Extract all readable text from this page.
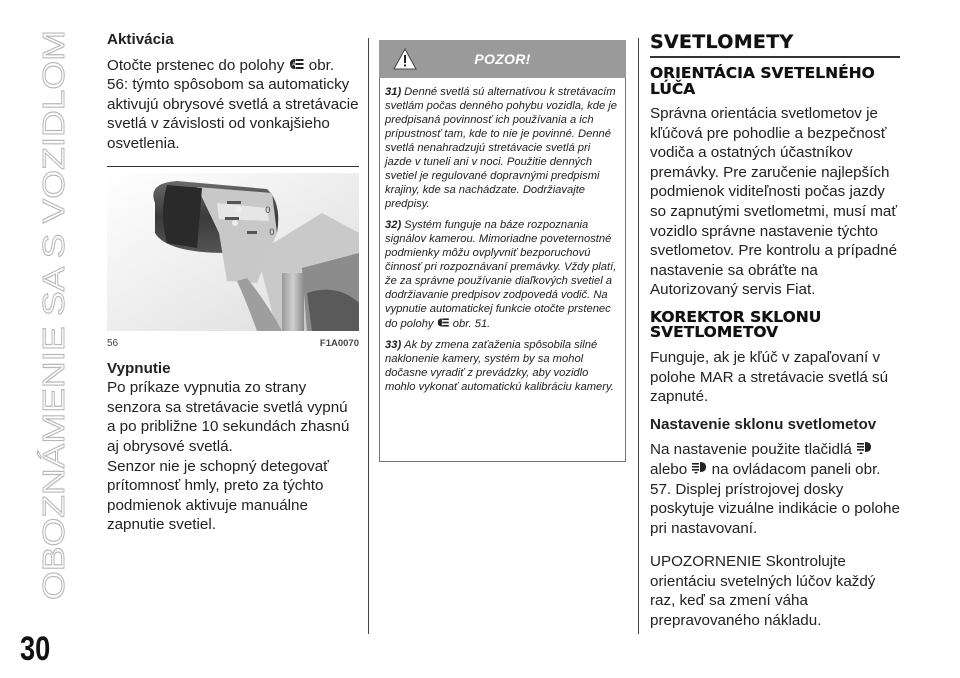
OBOZNÁMENIE SA S VOZIDLOM
30
Aktivácia

Otočte prstenec do polohy A obr. 56: týmto spôsobom sa automaticky aktivujú obrysové svetlá a stretávacie svetlá v závislosti od vonkajšieho osvetlenia.

0
0
56	F1A0070
Vypnutie

Po príkaze vypnutia zo strany senzora sa stretávacie svetlá vypnú a po približne 10 sekundách zhasnú aj obrysové svetlá.

Senzor nie je schopný detegovať prítomnosť hmly, preto za týchto podmienok aktivuje manuálne zapnutie svetiel.

POZOR!

31) Denné svetlá sú alternatívou k stretávacím svetlám počas denného pohybu vozidla, kde je predpisaná povinnosť ich používania a ich prípustnosť tam, kde to nie je povinné. Denné svetlá nenahradzujú stretávacie svetlá pri jazde v tuneli ani v noci. Použitie denných svetiel je regulované dopravnými predpismi krajiny, kde sa nachádzate. Dodržiavajte predpisy.

32) Systém funguje na báze rozpoznania signálov kamerou. Mimoriadne poveternostné podmienky môžu ovplyvniť bezporuchovú činnosť pri rozpoznávaní premávky. Vždy platí, že za správne používanie diaľkových svetiel a dodržiavanie predpisov zodpovedá vodič. Na vypnutie automatickej funkcie otočte prstenec do polohy obr. 51.

33) Ak by zmena zaťaženia spôsobila silné naklonenie kamery, systém by sa mohol dočasne vyradiť z prevádzky, aby vozidlo mohlo vykonať automatickú kalibráciu kamery.

SVETLOMETY
ORIENTÁCIA SVETELNÉHO LÚČA

Správna orientácia svetlometov je kľúčová pre pohodlie a bezpečnosť vodiča a ostatných účastníkov premávky. Pre zaručenie najlepších podmienok viditeľnosti počas jazdy so zapnutými svetlometmi, musí mať vozidlo správne nastavenie týchto svetlometov. Pre kontrolu a prípadné nastavenie sa obráťte na Autorizovaný servis Fiat.

KOREKTOR SKLONU SVETLOMETOV

Funguje, ak je kľúč v zapaľovaní v polohe MAR a stretávacie svetlá sú zapnuté.

Nastavenie sklonu svetlometov

Na nastavenie použite tlačidlá  alebo na ovládacom paneli obr. 57. Displej prístrojovej dosky poskytuje vizuálne indikácie o polohe pri nastavovaní.

UPOZORNENIE Skontrolujte orientáciu svetelných lúčov každý raz, keď sa zmení váha prepravovaného nákladu.
